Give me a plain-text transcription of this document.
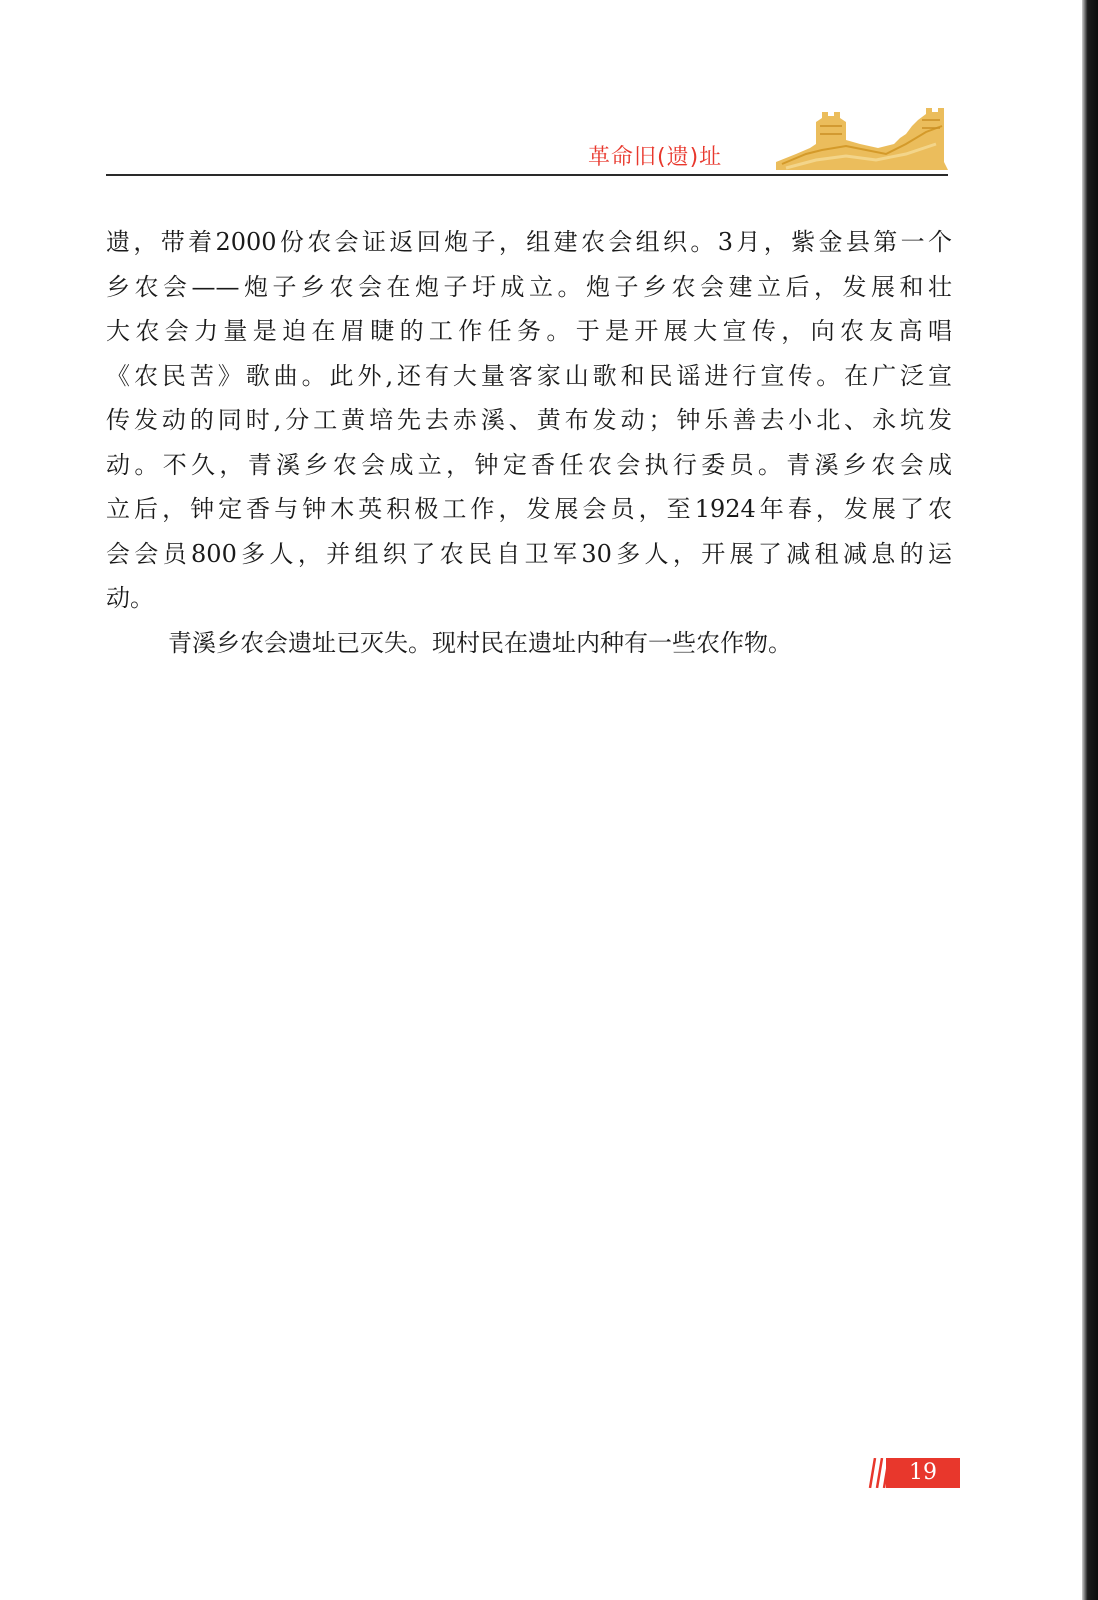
革命旧(遗)址
遗，带着2000份农会证返回炮子，组建农会组织。3月，紫金县第一个
乡农会——炮子乡农会在炮子圩成立。炮子乡农会建立后，发展和壮
大农会力量是迫在眉睫的工作任务。于是开展大宣传，向农友高唱
《农民苦》歌曲。此外,还有大量客家山歌和民谣进行宣传。在广泛宣
传发动的同时,分工黄培先去赤溪、黄布发动；钟乐善去小北、永坑发
动。不久，青溪乡农会成立，钟定香任农会执行委员。青溪乡农会成
立后，钟定香与钟木英积极工作，发展会员，至1924年春，发展了农
会会员800多人，并组织了农民自卫军30多人，开展了减租减息的运
动。
青溪乡农会遗址已灭失。现村民在遗址内种有一些农作物。
19
